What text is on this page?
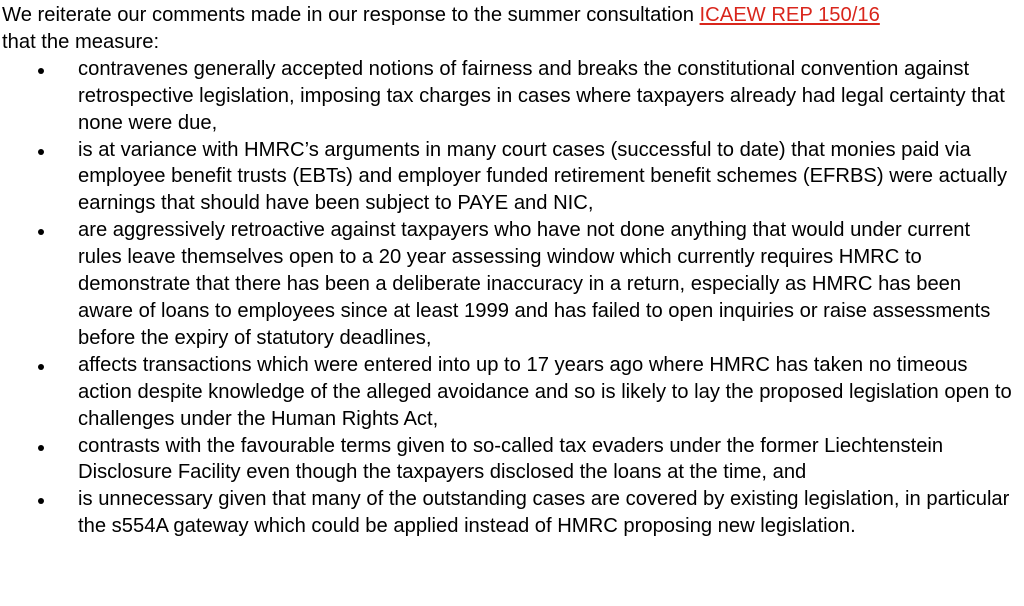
We reiterate our comments made in our response to the summer consultation ICAEW REP 150/16
that the measure:

contravenes generally accepted notions of fairness and breaks the constitutional convention against retrospective legislation, imposing tax charges in cases where taxpayers already had legal certainty that none were due,
is at variance with HMRC’s arguments in many court cases (successful to date) that monies paid via employee benefit trusts (EBTs) and employer funded retirement benefit schemes (EFRBS) were actually earnings that should have been subject to PAYE and NIC,
are aggressively retroactive against taxpayers who have not done anything that would under current rules leave themselves open to a 20 year assessing window which currently requires HMRC to demonstrate that there has been a deliberate inaccuracy in a return, especially as HMRC has been aware of loans to employees since at least 1999 and has failed to open inquiries or raise assessments before the expiry of statutory deadlines,
affects transactions which were entered into up to 17 years ago where HMRC has taken no timeous action despite knowledge of the alleged avoidance and so is likely to lay the proposed legislation open to challenges under the Human Rights Act,
contrasts with the favourable terms given to so-called tax evaders under the former Liechtenstein Disclosure Facility even though the taxpayers disclosed the loans at the time, and
is unnecessary given that many of the outstanding cases are covered by existing legislation, in particular the s554A gateway which could be applied instead of HMRC proposing new legislation.
